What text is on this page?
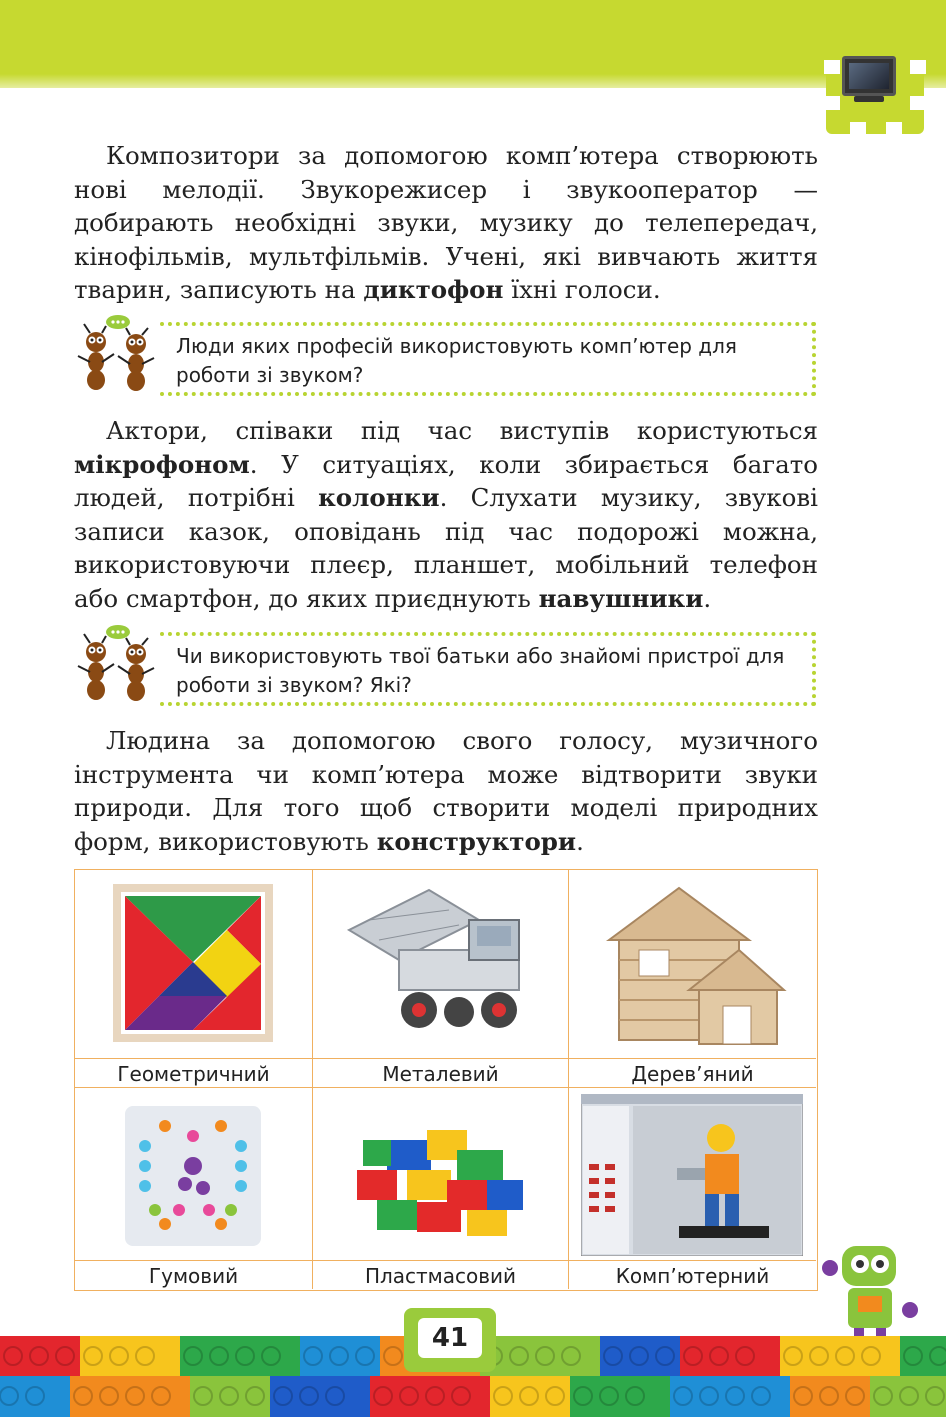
Композитори за допомогою комп’ютера створюють нові мелодії. Звукорежисер і звукооператор — добирають необхідні звуки, музику до телепередач, кінофільмів, мультфільмів. Учені, які вивчають життя тварин, записують на диктофон їхні голоси.

Люди яких професій використовують комп’ютер для роботи зі звуком?

Актори, співаки під час виступів користуються мікрофоном. У ситуаціях, коли збирається багато людей, потрібні колонки. Слухати музику, звукові записи казок, оповідань під час подорожі можна, використовуючи плеєр, планшет, мобільний телефон або смартфон, до яких приєднують навушники.

Чи використовують твої батьки або знайомі пристрої для роботи зі звуком? Які?

Людина за допомогою свого голосу, музичного інструмента чи комп’ютера може відтворити звуки природи. Для того щоб створити моделі природних форм, використовують конструктори.

Геометричний	Металевий	Дерев’яний
Гумовий	Пластмасовий	Комп’ютерний
41
